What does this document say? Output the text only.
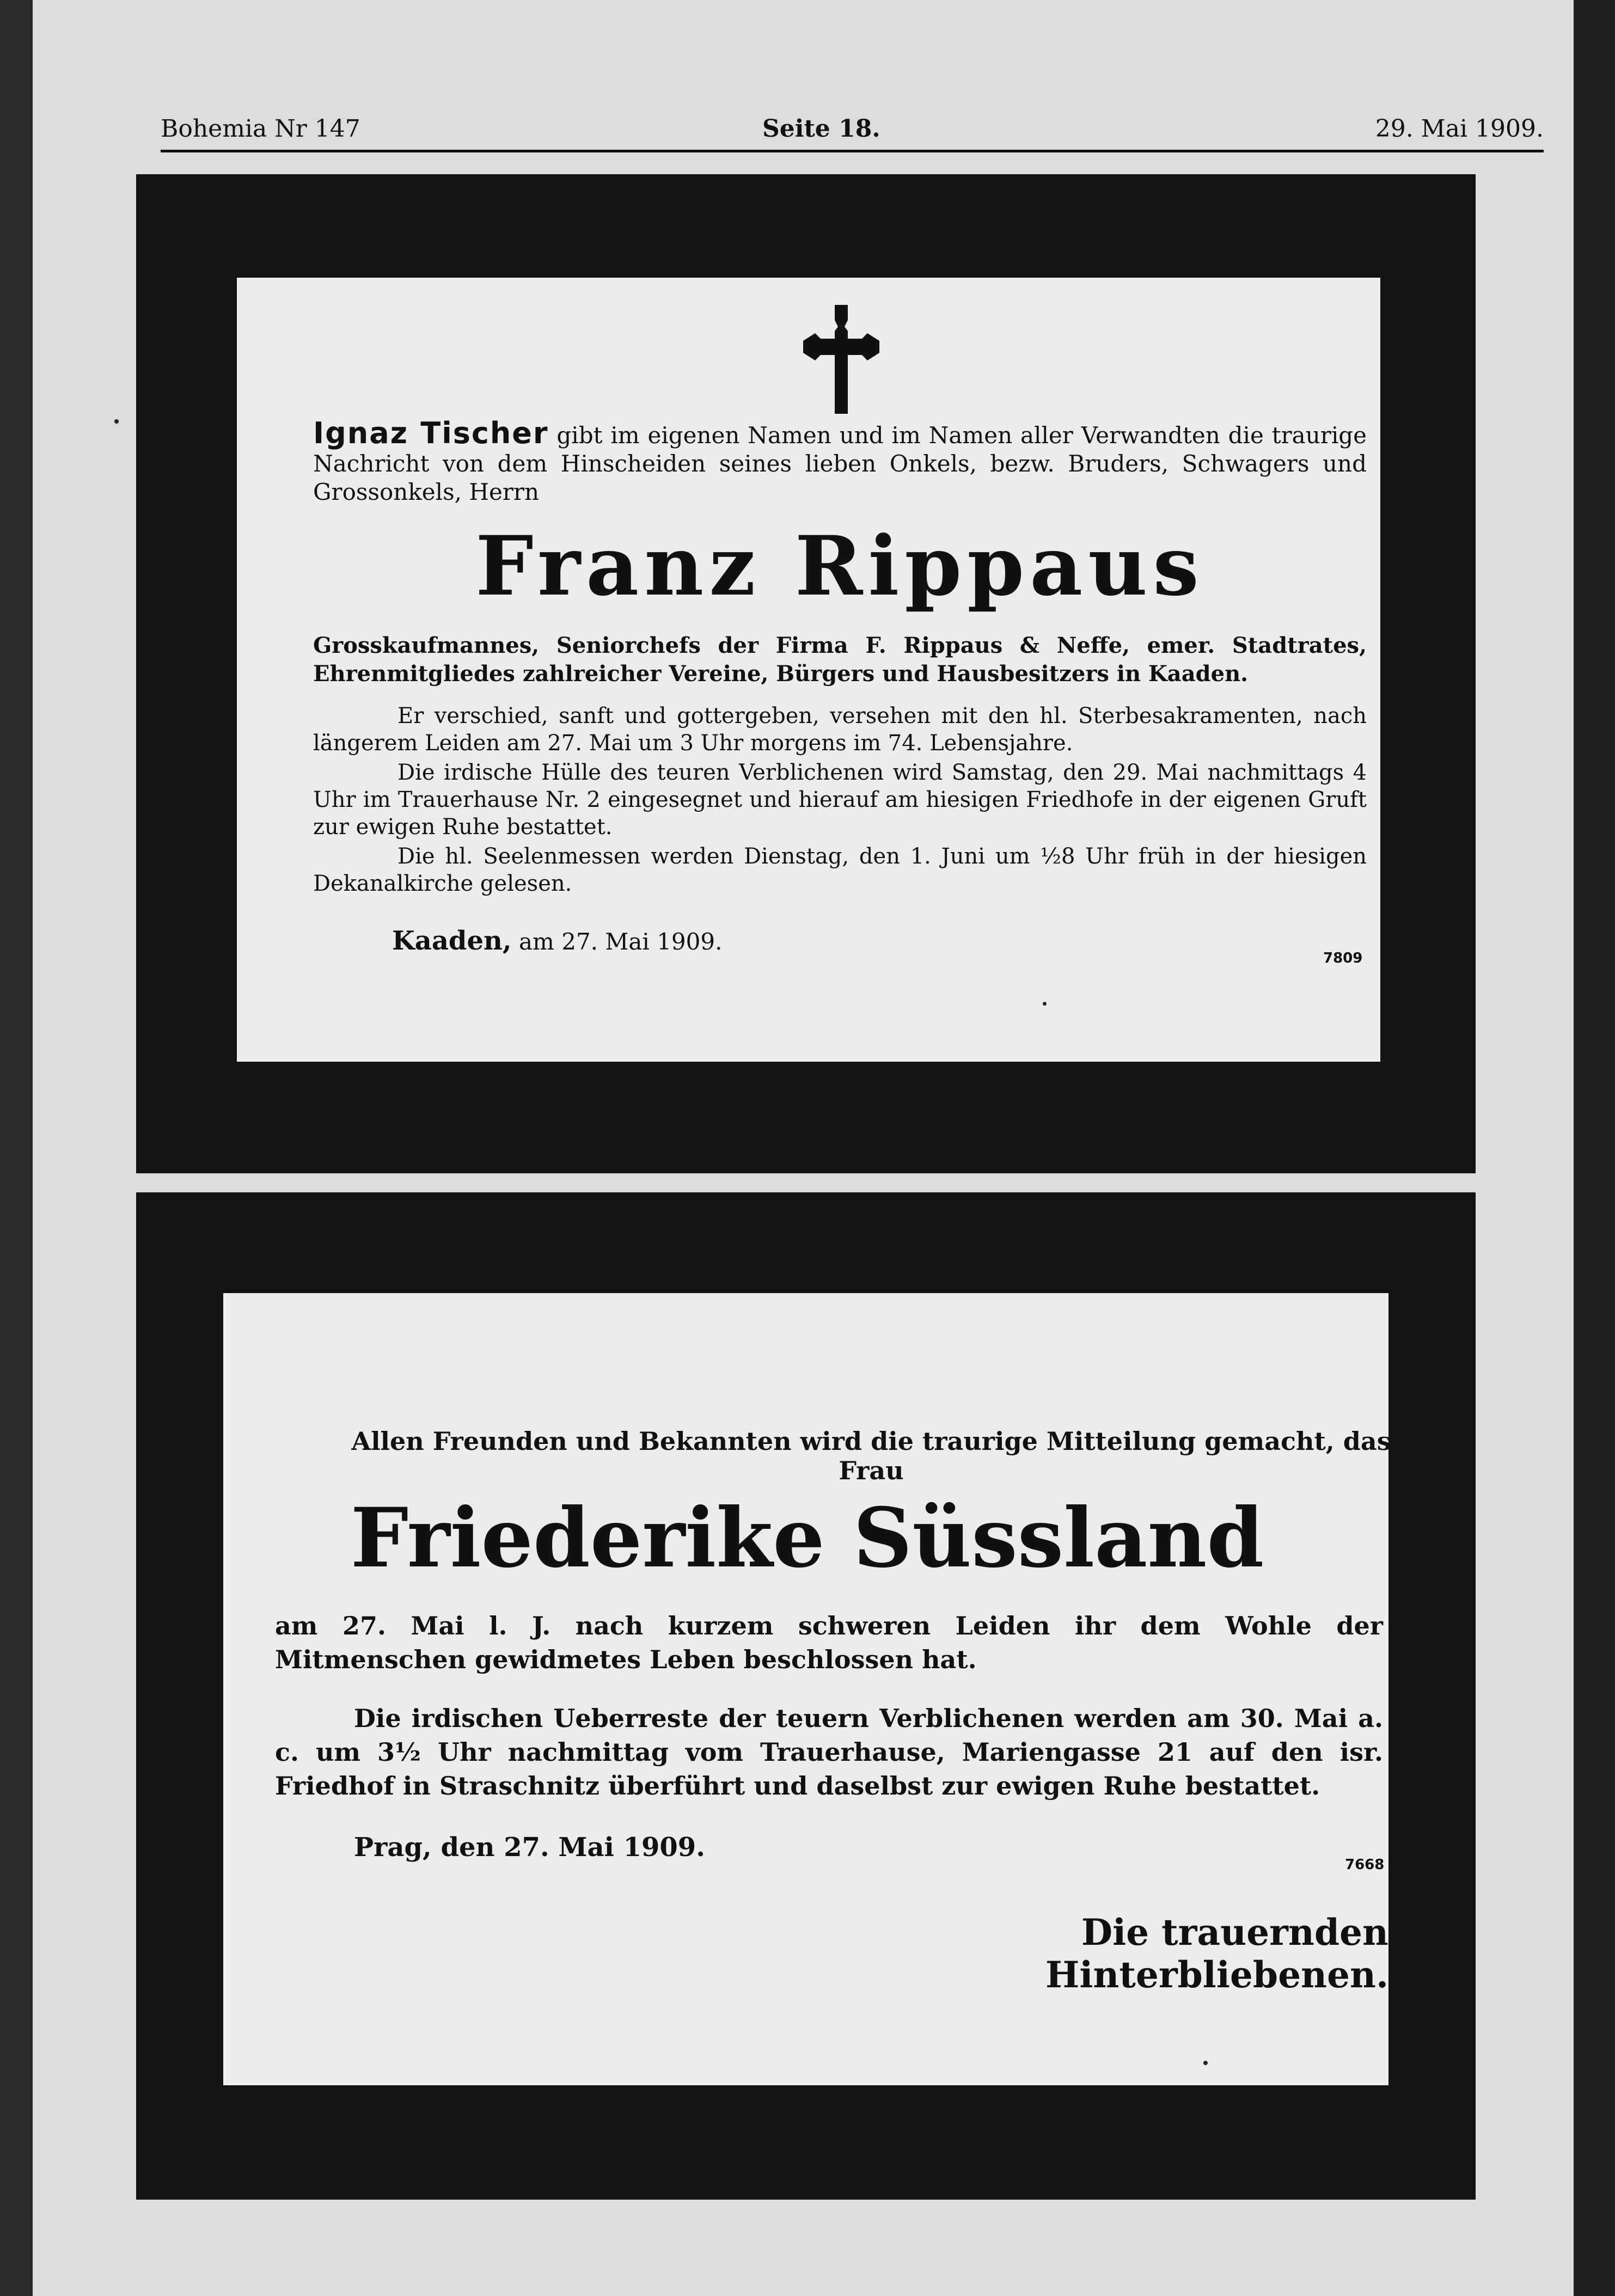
Bohemia Nr 147	Seite 18.	29. Mai 1909.
Ignaz Tischer gibt im eigenen Namen und im Namen aller Verwandten die traurige Nachricht von dem Hinscheiden seines lieben Onkels, bezw. Bruders, Schwagers und Grossonkels, Herrn
Franz Rippaus
Grosskaufmannes, Seniorchefs der Firma F. Rippaus & Neffe, emer. Stadtrates, Ehrenmitgliedes zahlreicher Vereine, Bürgers und Hausbesitzers in Kaaden.

Er verschied, sanft und gottergeben, versehen mit den hl. Sterbesakramenten, nach längerem Leiden am 27. Mai um 3 Uhr morgens im 74. Lebensjahre.

Die irdische Hülle des teuren Verblichenen wird Samstag, den 29. Mai nachmittags 4 Uhr im Trauerhause Nr. 2 eingesegnet und hierauf am hiesigen Friedhofe in der eigenen Gruft zur ewigen Ruhe bestattet.

Die hl. Seelenmessen werden Dienstag, den 1. Juni um ½8 Uhr früh in der hiesigen Dekanalkirche gelesen.

Kaaden, am 27. Mai 1909.
7809
Allen Freunden und Bekannten wird die traurige Mitteilung gemacht, das Frau
Friederike Süssland
am 27. Mai l. J. nach kurzem schweren Leiden ihr dem Wohle der Mitmenschen gewidmetes Leben beschlossen hat.
Die irdischen Ueberreste der teuern Verblichenen werden am 30. Mai a. c. um 3½ Uhr nachmittag vom Trauerhause, Mariengasse 21 auf den isr. Friedhof in Straschnitz überführt und daselbst zur ewigen Ruhe bestattet.
Prag, den 27. Mai 1909.
7668
Die trauernden Hinterbliebenen.
